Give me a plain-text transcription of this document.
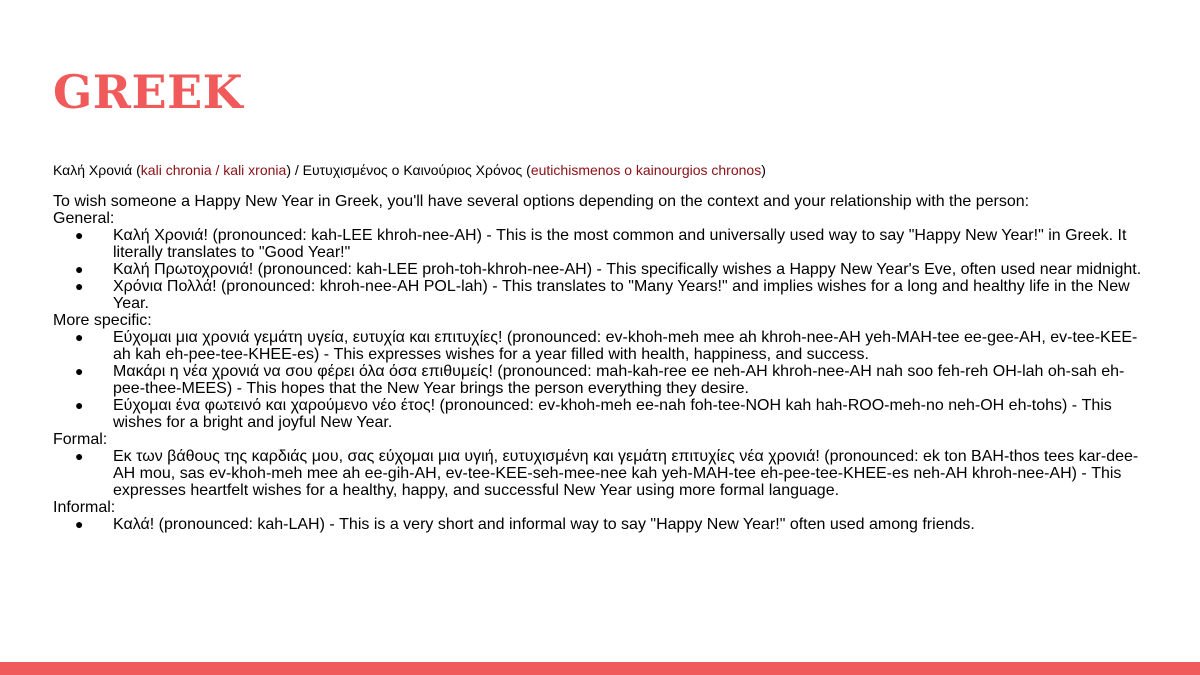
GREEK
Καλή Χρονιά (kali chronia / kali xronia) / Ευτυχισμένος ο Καινούριος Χρόνος (eutichismenos o kainourgios chronos)

To wish someone a Happy New Year in Greek, you'll have several options depending on the context and your relationship with the person:

General:

● Καλή Χρονιά! (pronounced: kah-LEE khroh-nee-AH) - This is the most common and universally used way to say "Happy New Year!" in Greek. It literally translates to "Good Year!"
● Καλή Πρωτοχρονιά! (pronounced: kah-LEE proh-toh-khroh-nee-AH) - This specifically wishes a Happy New Year's Eve, often used near midnight.
● Χρόνια Πολλά! (pronounced: khroh-nee-AH POL-lah) - This translates to "Many Years!" and implies wishes for a long and healthy life in the New Year.

More specific:

● Εύχομαι μια χρονιά γεμάτη υγεία, ευτυχία και επιτυχίες! (pronounced: ev-khoh-meh mee ah khroh-nee-AH yeh-MAH-tee ee-gee-AH, ev-tee-KEE-ah kah eh-pee-tee-KHEE-es) - This expresses wishes for a year filled with health, happiness, and success.
● Μακάρι η νέα χρονιά να σου φέρει όλα όσα επιθυμείς! (pronounced: mah-kah-ree ee neh-AH khroh-nee-AH nah soo feh-reh OH-lah oh-sah eh-pee-thee-MEES) - This hopes that the New Year brings the person everything they desire.
● Εύχομαι ένα φωτεινό και χαρούμενο νέο έτος! (pronounced: ev-khoh-meh ee-nah foh-tee-NOH kah hah-ROO-meh-no neh-OH eh-tohs) - This wishes for a bright and joyful New Year.

Formal:

● Εκ των βάθους της καρδιάς μου, σας εύχομαι μια υγιή, ευτυχισμένη και γεμάτη επιτυχίες νέα χρονιά! (pronounced: ek ton BAH-thos tees kar-dee-AH mou, sas ev-khoh-meh mee ah ee-gih-AH, ev-tee-KEE-seh-mee-nee kah yeh-MAH-tee eh-pee-tee-KHEE-es neh-AH khroh-nee-AH) - This expresses heartfelt wishes for a healthy, happy, and successful New Year using more formal language.

Informal:

● Καλά! (pronounced: kah-LAH) - This is a very short and informal way to say "Happy New Year!" often used among friends.
